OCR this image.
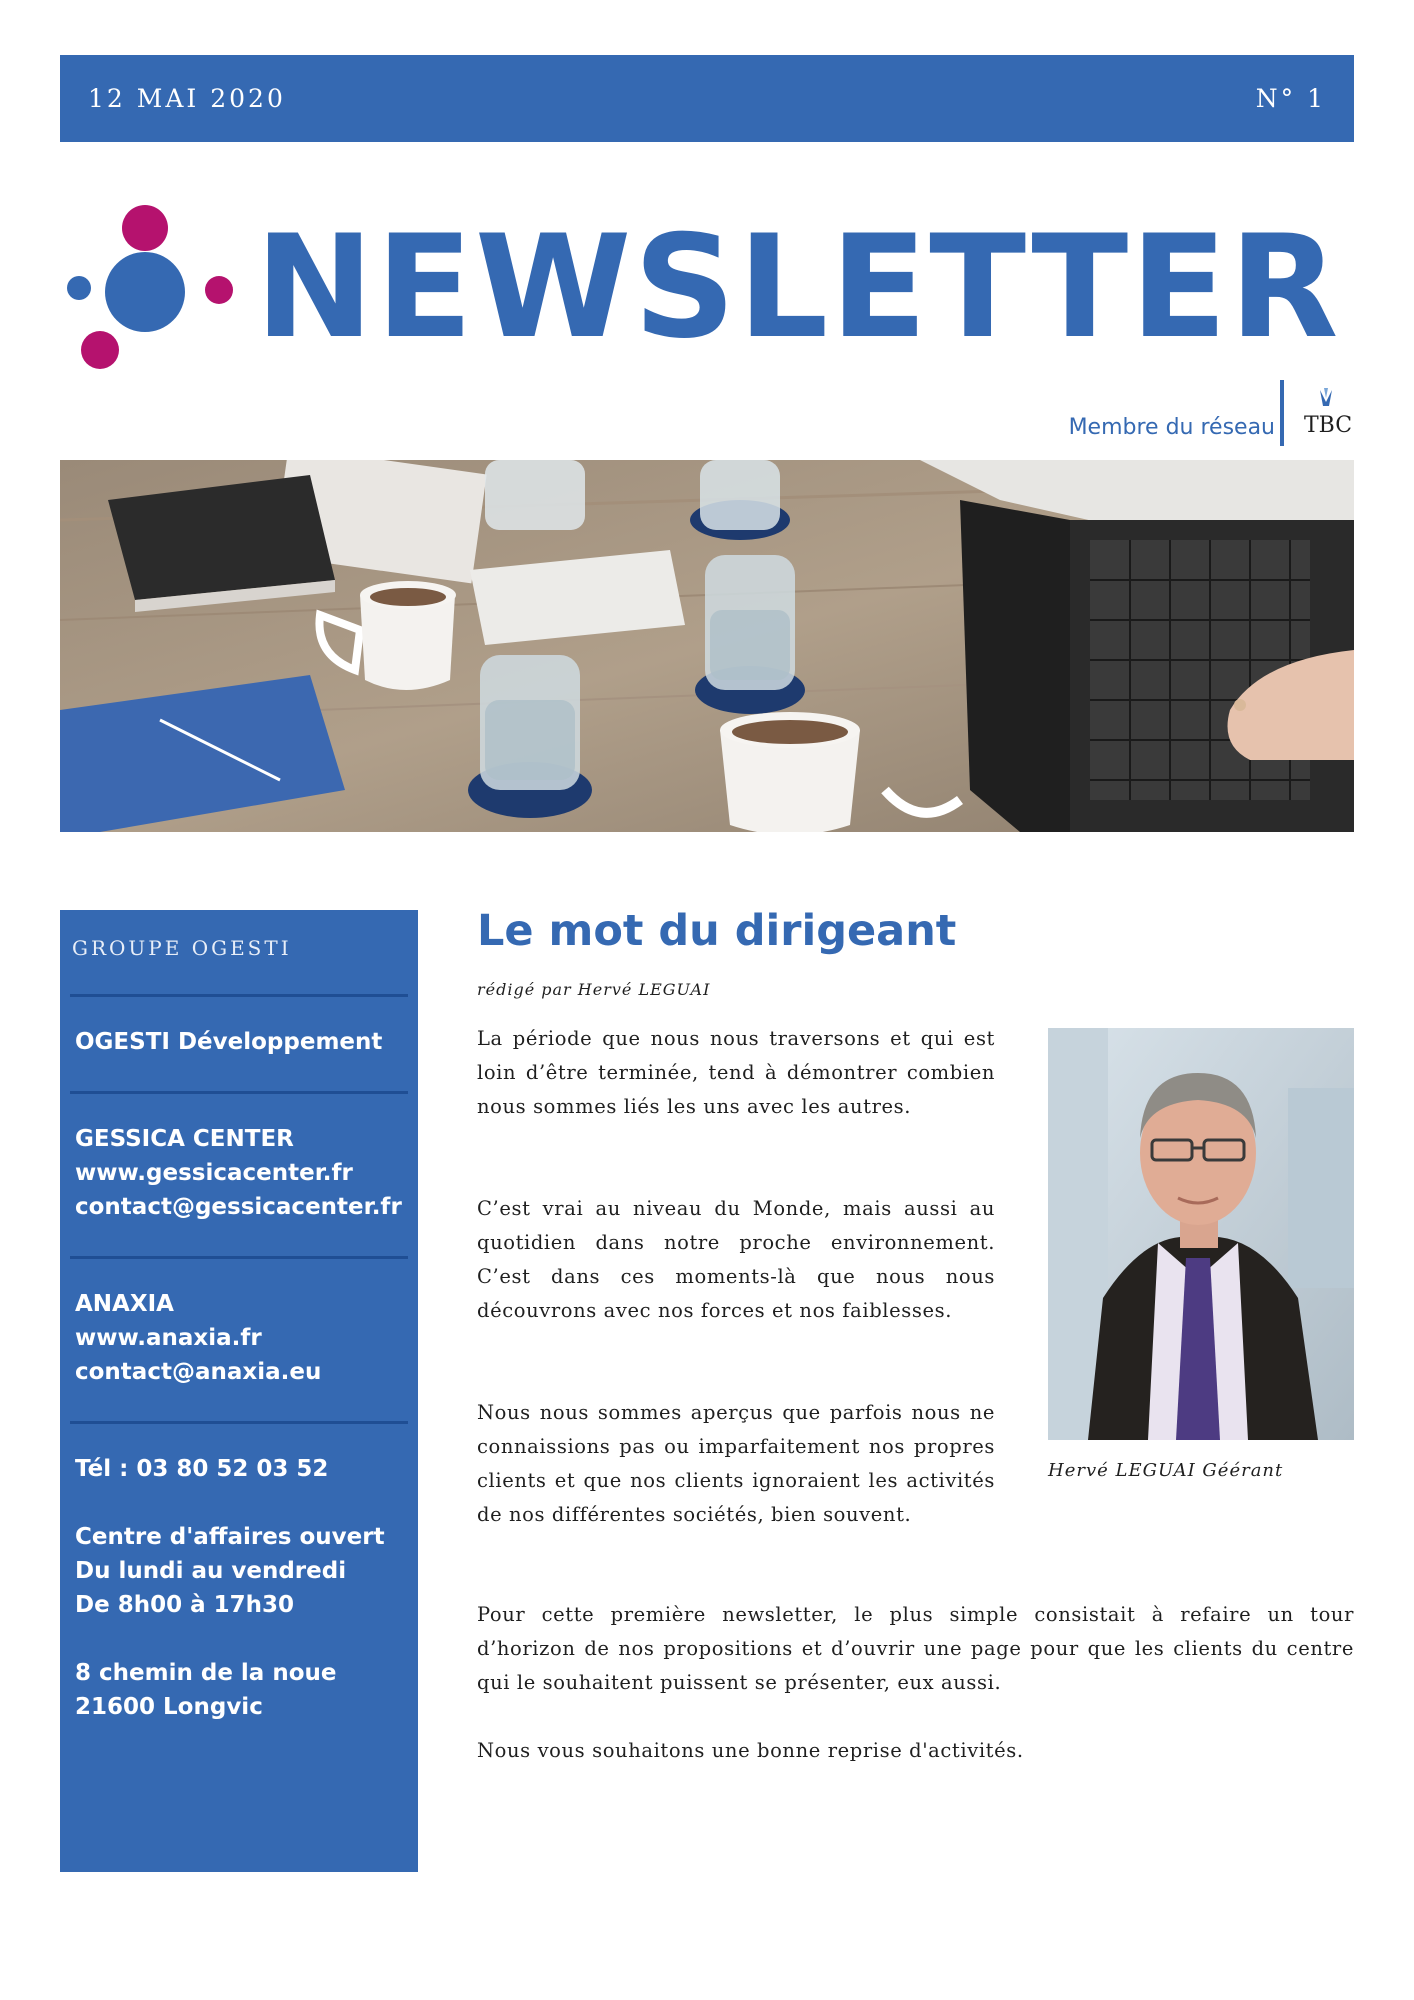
12 MAI 2020	N° 1
NEWSLETTER
Membre du réseau TBC
GROUPE OGESTI
OGESTI Développement
GESSICA CENTER
www.gessicacenter.fr
contact@gessicacenter.fr
ANAXIA
www.anaxia.fr
contact@anaxia.eu
Tél : 03 80 52 03 52
Centre d'affaires ouvert
Du lundi au vendredi
De 8h00 à 17h30
8 chemin de la noue
21600 Longvic
Le mot du dirigeant
rédigé par Hervé LEGUAI

La période que nous nous traversons et qui est loin d’être terminée, tend à démontrer combien nous sommes liés les uns avec les autres.

C’est vrai au niveau du Monde, mais aussi au quotidien dans notre proche environnement. C’est dans ces moments-là que nous nous découvrons avec nos forces et nos faiblesses.

Nous nous sommes aperçus que parfois nous ne connaissions pas ou imparfaitement nos propres clients et que nos clients ignoraient les activités de nos différentes sociétés, bien souvent.

Pour cette première newsletter, le plus simple consistait à refaire un tour d’horizon de nos propositions et d’ouvrir une page pour que les clients du centre qui le souhaitent puissent se présenter, eux aussi.

Nous vous souhaitons une bonne reprise d'activités.

Hervé LEGUAI Géérant
